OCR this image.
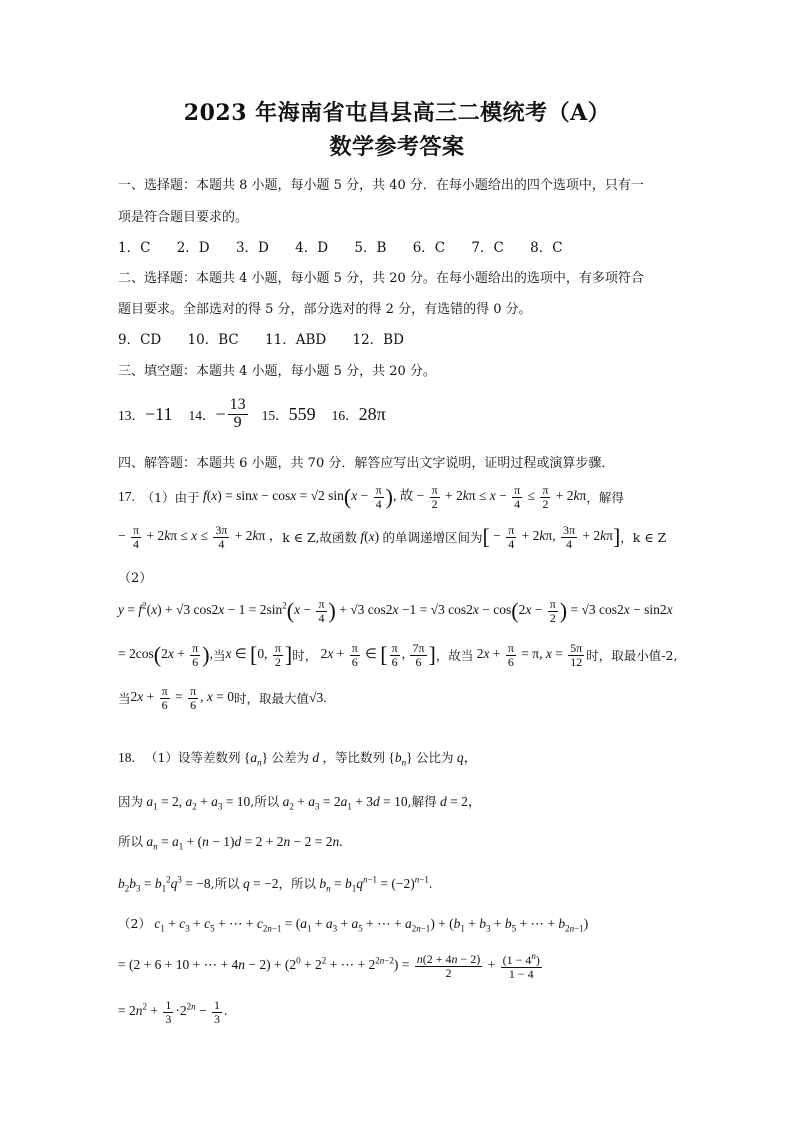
2023 年海南省屯昌县高三二模统考（A）
数学参考答案
一、选择题：本题共 8 小题，每小题 5 分，共 40 分．在每小题给出的四个选项中，只有一
项是符合题目要求的。
1．C 2．D 3．D 4．D 5．B 6．C 7．C 8．C
二、选择题：本题共 4 小题，每小题 5 分，共 20 分。在每小题给出的选项中，有多项符合
题目要求。全部选对的得 5 分，部分选对的得 2 分，有选错的得 0 分。
9．CD 10．BC 11．ABD 12．BD
三、填空题：本题共 4 小题，每小题 5 分，共 20 分。
13． −11 14． − $\frac{13}{9} 15$． 559 16． 28π
四、解答题：本题共 6 小题，共 70 分．解答应写出文字说明，证明过程或演算步骤．
17.
（1）由于 f(x) = sinx − cosx = √2 $\sin(x - \frac{\pi}{4}$ ), 故 − $\frac{\pi}{2} + 2k\pi \le x - \frac{\pi}{4} \le \frac{\pi}{2} + 2k\pi$ ，解得
− $\frac{\pi}{4} + 2k\pi \le x \le \frac{3\pi}{4} + 2k\pi$ ， k ∈ Z,故函数 f(x) 的单调递增区间为 [ − $\frac{\pi}{4} + 2k\pi$, $\frac{3\pi}{4} + 2k\pi$] ，k ∈ Z
（2）
$y = f^2(x) + √3$ $\cos 2x - 1 = 2\sin^2(x - \frac{\pi}{4}$ ) + √3 cos2x −1 = √3 $\cos 2x - \cos(2x - \frac{\pi}{2}$ ) = √3 cos2x − sin2x
= $2\cos(2x + \frac{\pi}{6}$ ), 当 x ∈ [0, $\frac{\pi}{2}$ ] 时， $2x + \frac{\pi}{6}$ ∈ [ $\frac{\pi}{6}$ , $\frac{7\pi}{6}$ ] ，故当 $2x + \frac{\pi}{6} = \pi$, $x = \frac{5\pi}{12}$ 时，取最小值-2,
当 $2x + \frac{\pi}{6} = \frac{\pi}{6}$ , x = 0 时，取最大值 √3 .
18. （1）设等差数列 $\{a_n\}$ 公差为 d ，等比数列 $\{b_n\}$ 公比为 q，
因为 $a_1 = 2$, $a_2 + a_3 = 10$,所以 $a_2 + a_3 = 2a_1 + 3d = 10$,解得 d = 2，
所以 $a_n = a_1 + (n - 1)d = 2 + 2n - 2 = 2n$.
$b_2b_3 = b_1^2q^3 = -8$,所以 q = −2，所以 $b_n = b_1q^{n-1} = (-2)^{n-1}$.
（2） $c_1 + c_3 + c_5$ + ⋯ + $c_{2n-1} = (a_1 + a_3 + a_5$ + ⋯ + $a_{2n-1}) + (b_1 + b_3 + b_5$ + ⋯ + $b_{2n-1}$)
= (2 + 6 + 10 + ⋯ + $4n - 2) + (2^0 + 2^2$ + ⋯ + $2^{2n-2}) = \frac{n(2 + 4n - 2)}{2} + \frac{(1 - 4^n)}{1 - 4}$
= $2n^2 + \frac{1}{3} \cdot 2^{2n} - \frac{1}{3}$ .
